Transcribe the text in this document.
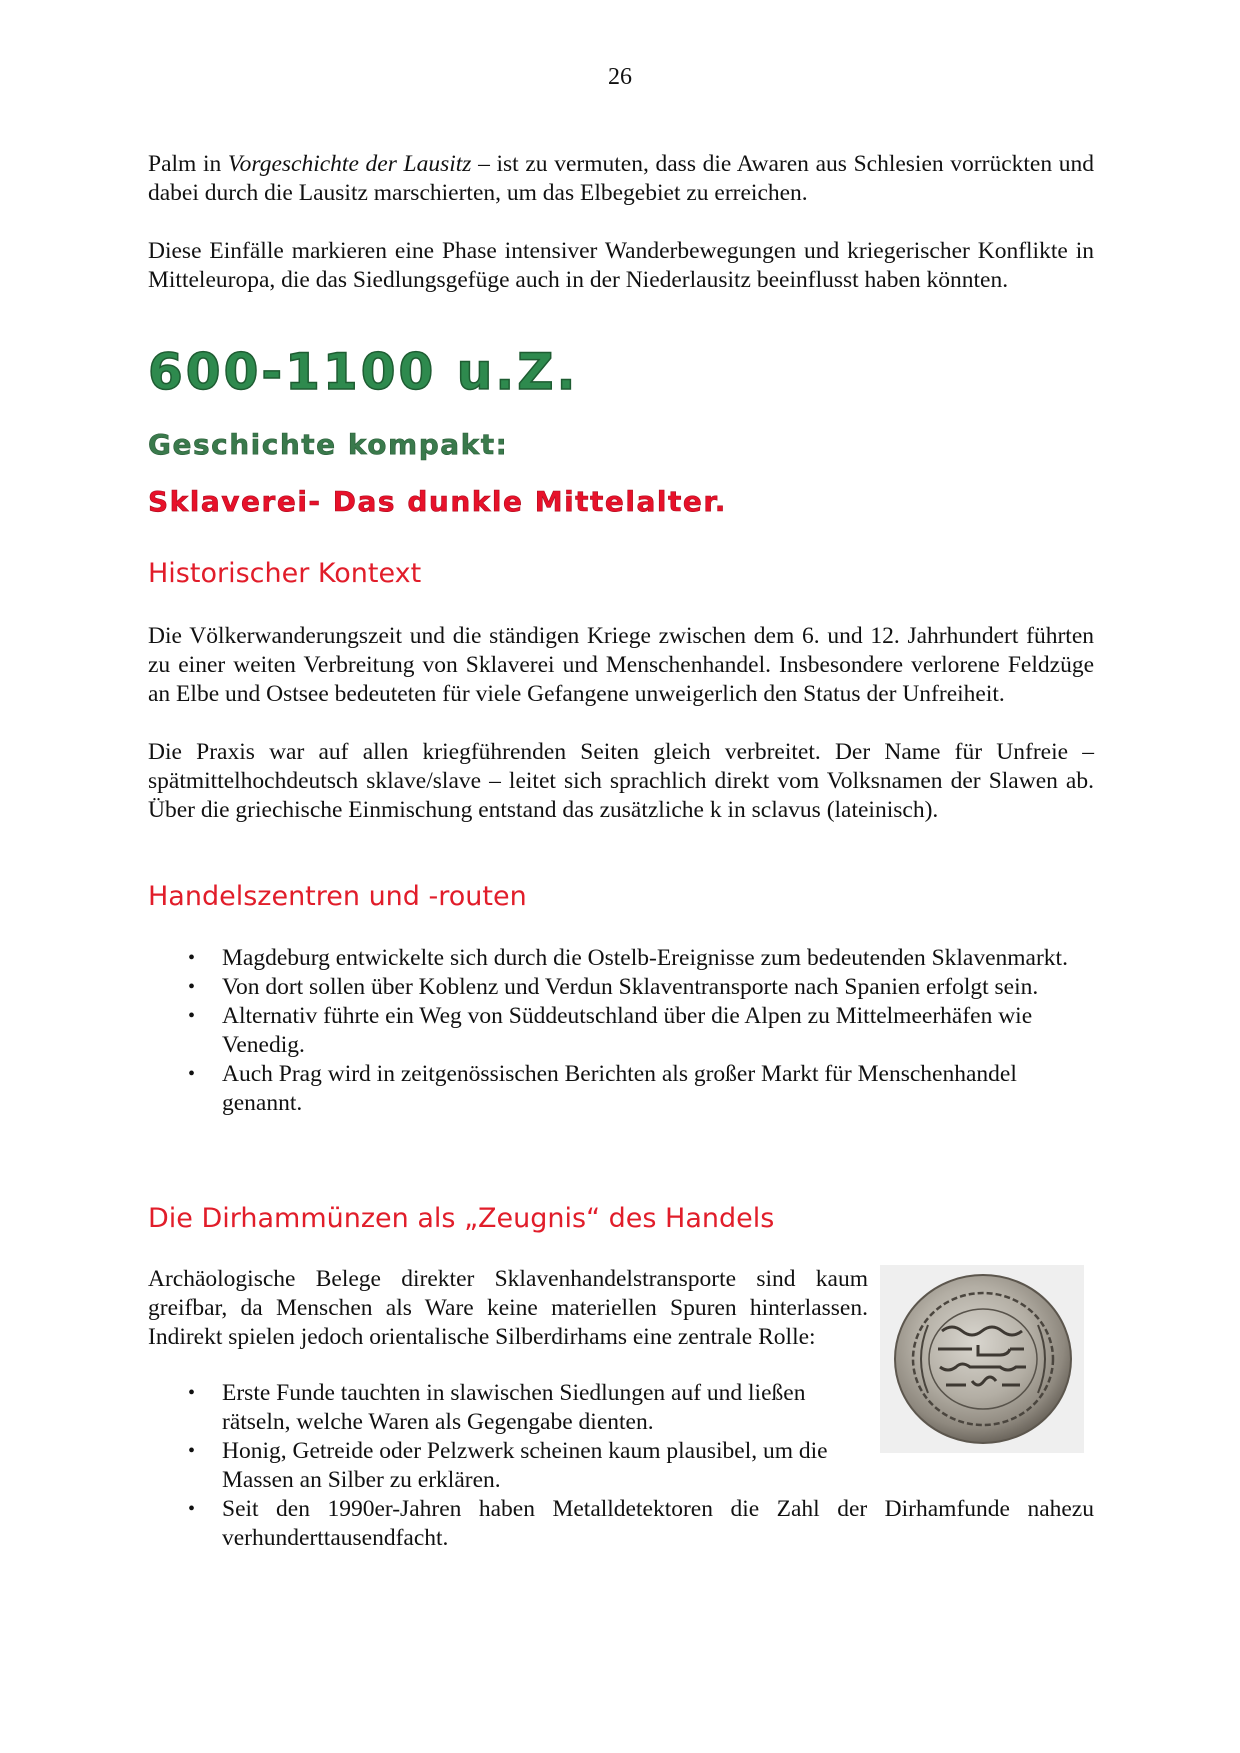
26

Palm in Vorgeschichte der Lausitz – ist zu vermuten, dass die Awaren aus Schlesien vorrückten und dabei durch die Lausitz marschierten, um das Elbegebiet zu erreichen.

Diese Einfälle markieren eine Phase intensiver Wanderbewegungen und kriegerischer Konflikte in Mitteleuropa, die das Siedlungsgefüge auch in der Niederlausitz beeinflusst haben könnten.

600-1100 u.Z.
Geschichte kompakt:
Sklaverei- Das dunkle Mittelalter.
Historischer Kontext

Die Völkerwanderungszeit und die ständigen Kriege zwischen dem 6. und 12. Jahrhundert führten zu einer weiten Verbreitung von Sklaverei und Menschenhandel. Insbesondere verlorene Feldzüge an Elbe und Ostsee bedeuteten für viele Gefangene unweigerlich den Status der Unfreiheit.

Die Praxis war auf allen kriegführenden Seiten gleich verbreitet. Der Name für Unfreie – spätmittelhochdeutsch sklave/slave – leitet sich sprachlich direkt vom Volksnamen der Slawen ab. Über die griechische Einmischung entstand das zusätzliche k in sclavus (lateinisch).

Handelszentren und -routen
• Magdeburg entwickelte sich durch die Ostelb-Ereignisse zum bedeutenden Sklavenmarkt.
• Von dort sollen über Koblenz und Verdun Sklaventransporte nach Spanien erfolgt sein.
• Alternativ führte ein Weg von Süddeutschland über die Alpen zu Mittelmeerhäfen wie Venedig.
• Auch Prag wird in zeitgenössischen Berichten als großer Markt für Menschenhandel genannt.
Die Dirhammünzen als „Zeugnis“ des Handels

Archäologische Belege direkter Sklavenhandelstransporte sind kaum greifbar, da Menschen als Ware keine materiellen Spuren hinterlassen. Indirekt spielen jedoch orientalische Silberdirhams eine zentrale Rolle:

• Erste Funde tauchten in slawischen Siedlungen auf und ließen rätseln, welche Waren als Gegengabe dienten.
• Honig, Getreide oder Pelzwerk scheinen kaum plausibel, um die Massen an Silber zu erklären.
• Seit den 1990er-Jahren haben Metalldetektoren die Zahl der Dirhamfunde nahezu verhunderttausendfacht.
